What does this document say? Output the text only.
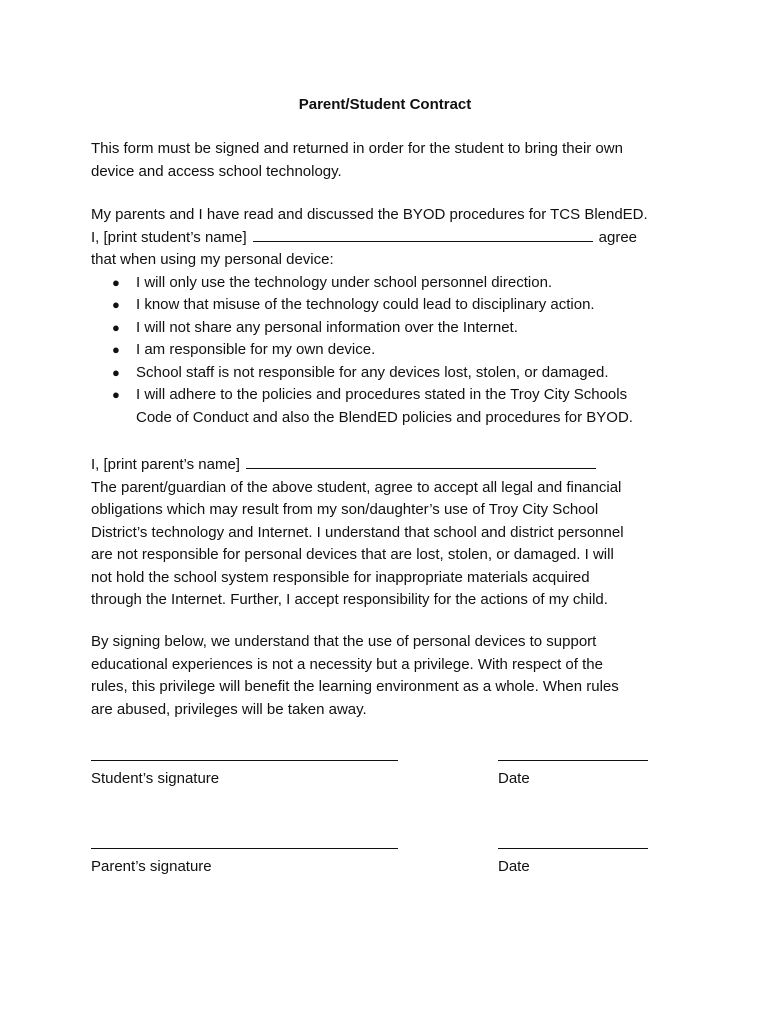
Parent/Student Contract
This form must be signed and returned in order for the student to bring their own
device and access school technology.
My parents and I have read and discussed the BYOD procedures for TCS BlendED.
I, [print student’s name]	agree
that when using my personal device:
● I will only use the technology under school personnel direction.
● I know that misuse of the technology could lead to disciplinary action.
● I will not share any personal information over the Internet.
● I am responsible for my own device.
● School staff is not responsible for any devices lost, stolen, or damaged.
● I will adhere to the policies and procedures stated in the Troy City Schools
Code of Conduct and also the BlendED policies and procedures for BYOD.
I, [print parent’s name]
The parent/guardian of the above student, agree to accept all legal and financial
obligations which may result from my son/daughter’s use of Troy City School
District’s technology and Internet. I understand that school and district personnel
are not responsible for personal devices that are lost, stolen, or damaged. I will
not hold the school system responsible for inappropriate materials acquired
through the Internet. Further, I accept responsibility for the actions of my child.
By signing below, we understand that the use of personal devices to support
educational experiences is not a necessity but a privilege. With respect of the
rules, this privilege will benefit the learning environment as a whole. When rules
are abused, privileges will be taken away.
Student’s signature	Date
Parent’s signature	Date
